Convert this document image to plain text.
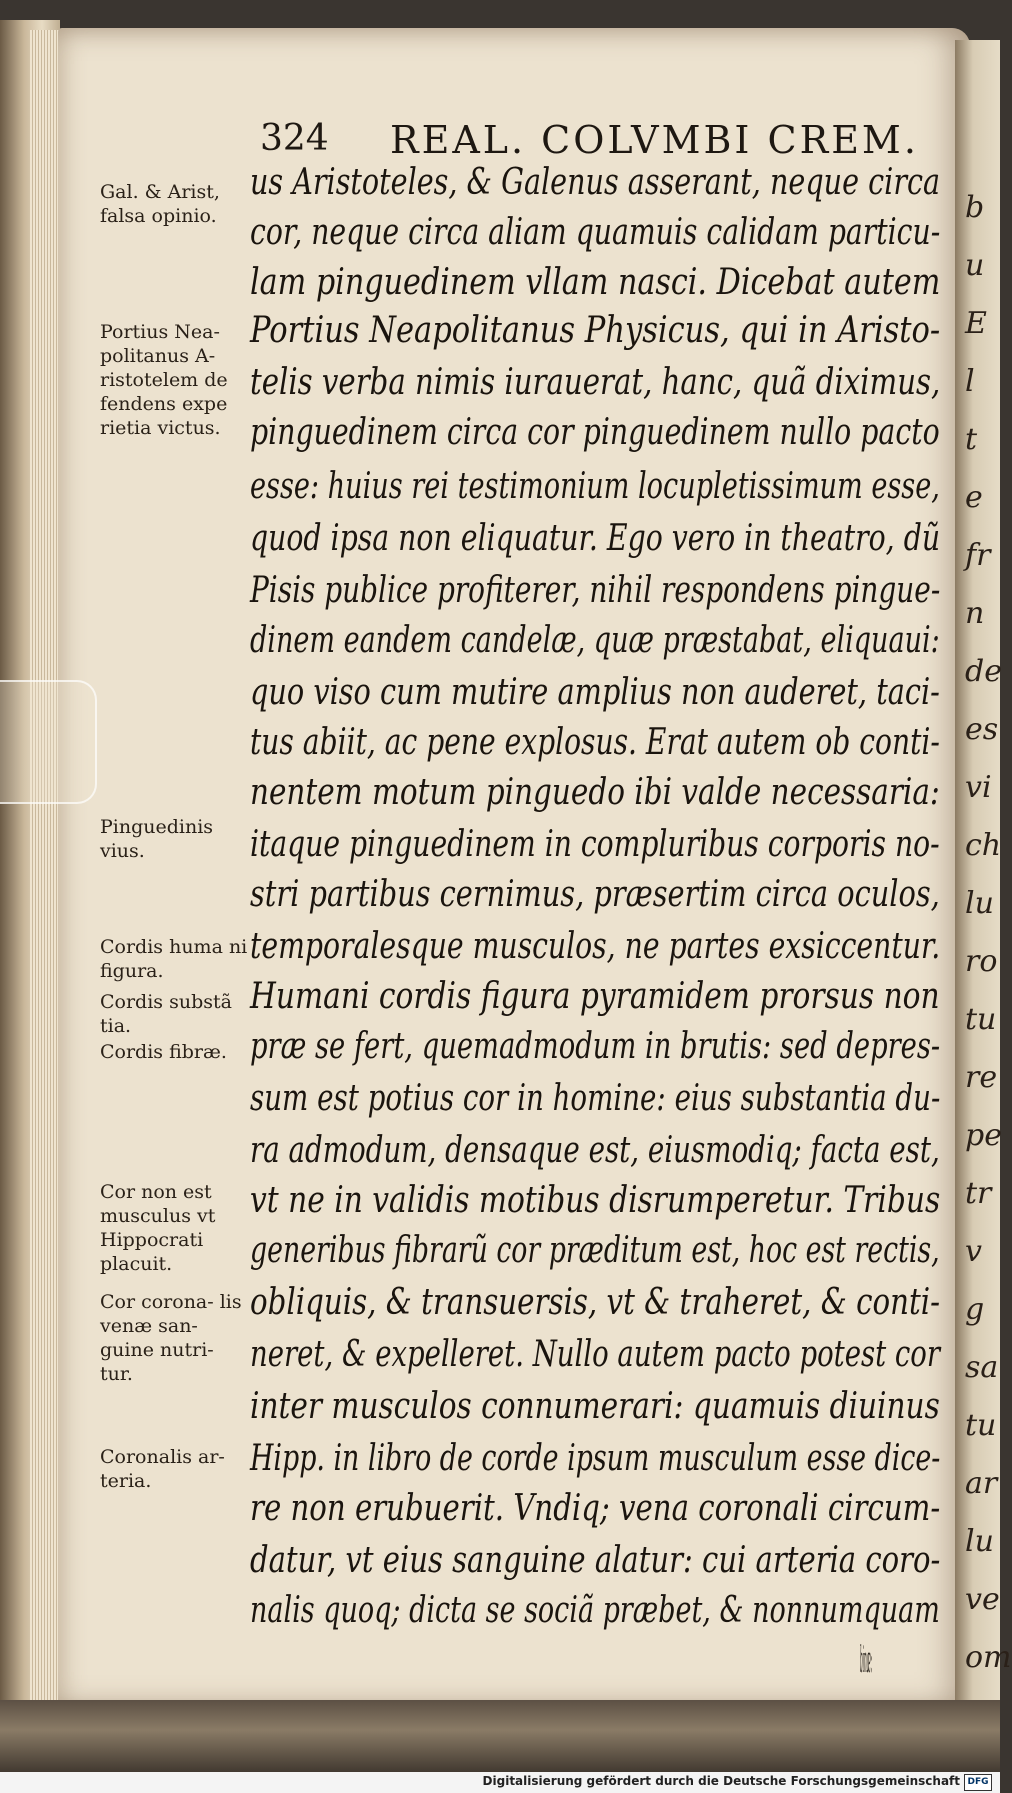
b
u
E
l
t
e
fr
n
de
es
vi
ch
lu
ro
tu
re
pe
tr
v
g
sa
tu
ar
lu
ve
om
324 REAL. COLVMBI CREM.
Gal. & Arist, falsa opinio.
Portius Nea- politanus A- ristotelem de fendens expe rietia victus.
Pinguedinis vius.
Cordis huma ni figura.
Cordis substã tia.
Cordis fibræ.
Cor non est musculus vt Hippocrati placuit.
Cor corona- lis venæ san- guine nutri- tur.
Coronalis ar- teria.
us Aristoteles, & Galenus asserant, neque circa
cor, neque circa aliam quamuis calidam particu-
lam pinguedinem vllam nasci. Dicebat autem
Portius Neapolitanus Physicus, qui in Aristo-
telis verba nimis iurauerat, hanc, quã diximus,
pinguedinem circa cor pinguedinem nullo pacto
esse: huius rei testimonium locupletissimum esse,
quod ipsa non eliquatur. Ego vero in theatro, dũ
Pisis publice profiterer, nihil respondens pingue-
dinem eandem candelæ, quæ præstabat, eliquaui:
quo viso cum mutire amplius non auderet, taci-
tus abiit, ac pene explosus. Erat autem ob conti-
nentem motum pinguedo ibi valde necessaria:
itaque pinguedinem in compluribus corporis no-
stri partibus cernimus, præsertim circa oculos,
temporalesque musculos, ne partes exsiccentur.
Humani cordis figura pyramidem prorsus non
præ se fert, quemadmodum in brutis: sed depres-
sum est potius cor in homine: eius substantia du-
ra admodum, densaque est, eiusmodiq; facta est,
vt ne in validis motibus disrumperetur. Tribus
generibus fibrarũ cor præditum est, hoc est rectis,
obliquis, & transuersis, vt & traheret, & conti-
neret, & expelleret. Nullo autem pacto potest cor
inter musculos connumerari: quamuis diuinus
Hipp. in libro de corde ipsum musculum esse dice-
re non erubuerit. Vndiq; vena coronali circum-
datur, vt eius sanguine alatur: cui arteria coro-
nalis quoq; dicta se sociã præbet, & nonnumquam
binæ:
Digitalisierung gefördert durch die Deutsche Forschungsgemeinschaft DFG
